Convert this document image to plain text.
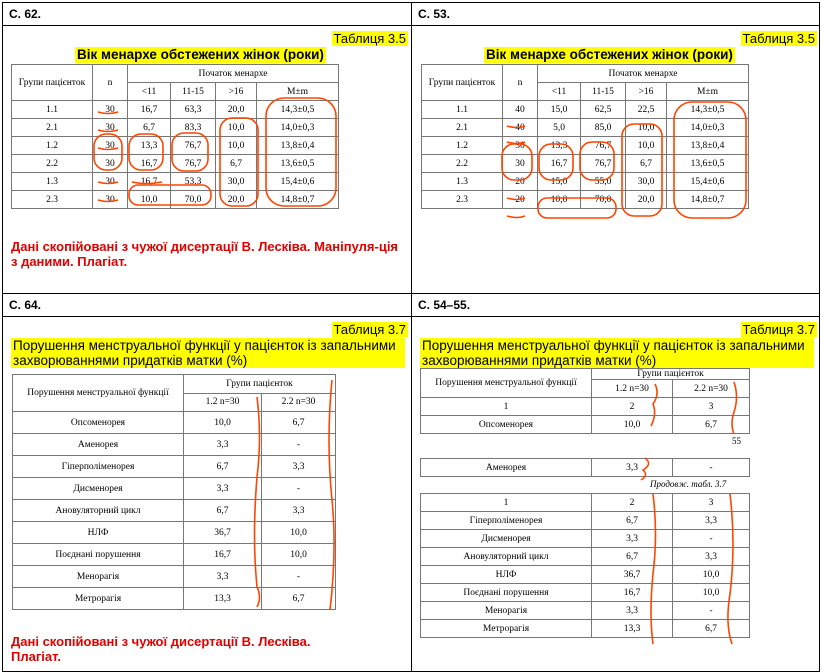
С. 62.	С. 53.
С. 64.	С. 54–55.
Таблиця 3.5
Вік менархе обстежених жінок (роки)
Групи пацієнток	n	Початок менархе			
		<11	11-15	>16	M±m
1.1	30	16,7	63,3	20,0	14,3±0,5
2.1	30	6,7	83,3	10,0	14,0±0,3
1.2	30	13,3	76,7	10,0	13,8±0,4
2.2	30	16,7	76,7	6,7	13,6±0,5
1.3	30	16,7	53,3	30,0	15,4±0,6
2.3	30	10,0	70,0	20,0	14,8±0,7
Дані скопійовані з чужої дисертації В. Лесківа. Маніпуля-ція з даними. Плагіат.
Таблиця 3.5
Вік менархе обстежених жінок (роки)
Групи пацієнток	n	Початок менархе			
		<11	11-15	>16	M±m
1.1	40	15,0	62,5	22,5	14,3±0,5
2.1	40	5,0	85,0	10,0	14,0±0,3
1.2	30	13,3	76,7	10,0	13,8±0,4
2.2	30	16,7	76,7	6,7	13,6±0,5
1.3	20	15,0	55,0	30,0	15,4±0,6
2.3	20	10,0	70,0	20,0	14,8±0,7
Таблиця 3.7
Порушення менструальної функції у пацієнток із запальними захворюваннями придатків матки (%)
Порушення менструальної функції	Групи пацієнток	
	1.2 n=30	2.2 n=30
Опсоменорея	10,0	6,7
Аменорея	3,3	-
Гіперполіменорея	6,7	3,3
Дисменорея	3,3	-
Ановуляторний цикл	6,7	3,3
НЛФ	36,7	10,0
Поєднані порушення	16,7	10,0
Менорагія	3,3	-
Метрорагія	13,3	6,7
Дані скопійовані з чужої дисертації В. Лесківа. Плагіат.
Таблиця 3.7
Порушення менструальної функції у пацієнток із запальними захворюваннями придатків матки (%)
Порушення менструальної функції	Групи пацієнток	
	1.2 n=30	2.2 n=30
1	2	3
Опсоменорея	10,0	6,7
55
Аменорея	3,3	-
Продовж. табл. 3.7
1	2	3
Гіперполіменорея	6,7	3,3
Дисменорея	3,3	-
Ановуляторний цикл	6,7	3,3
НЛФ	36,7	10,0
Поєднані порушення	16,7	10,0
Менорагія	3,3	-
Метрорагія	13,3	6,7
